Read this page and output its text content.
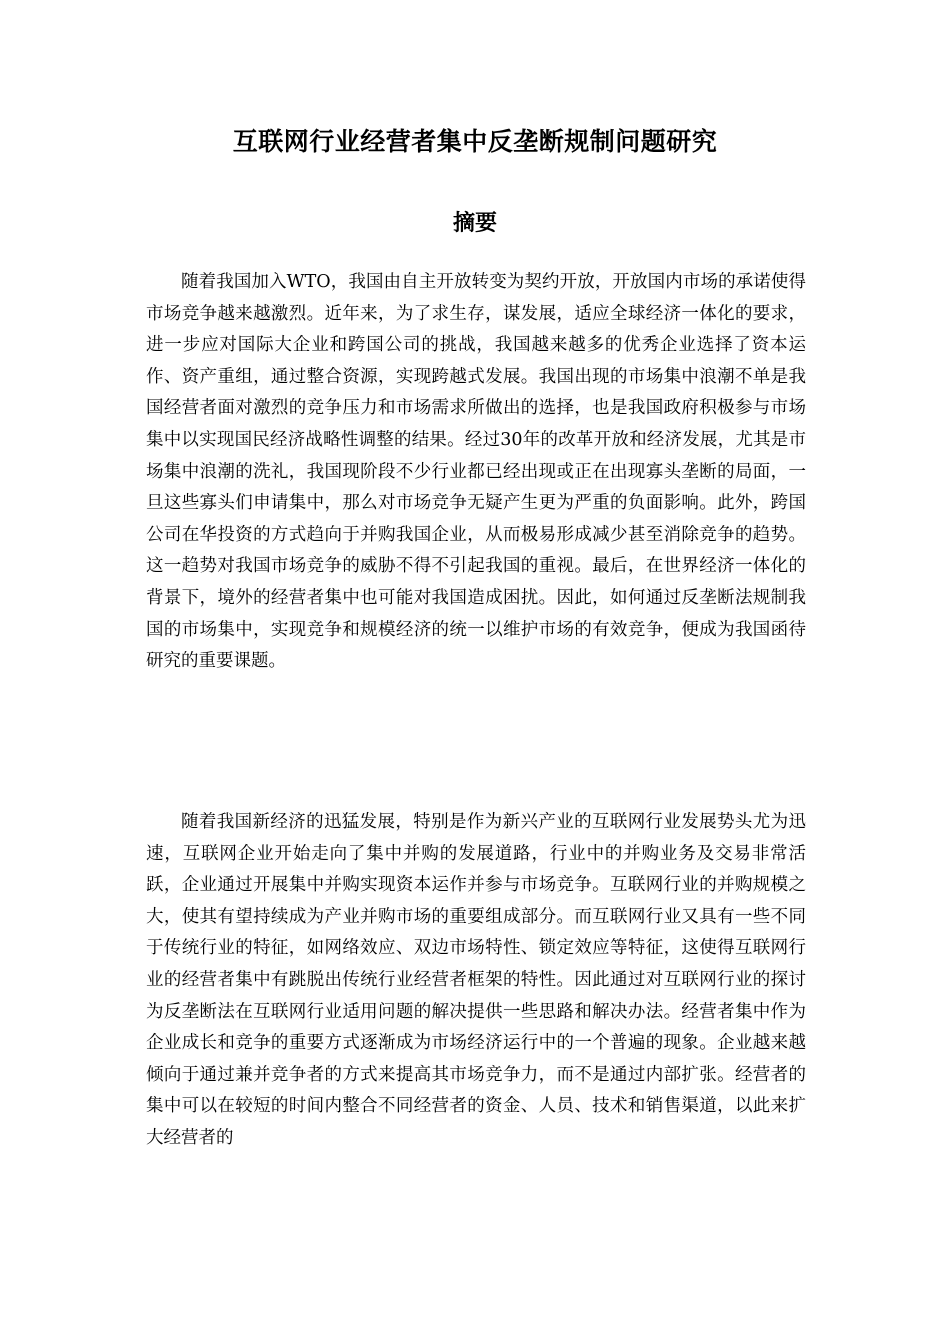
互联网行业经营者集中反垄断规制问题研究
摘要

随着我国加入WTO，我国由自主开放转变为契约开放，开放国内市场的承诺使得市场竞争越来越激烈。近年来，为了求生存，谋发展，适应全球经济一体化的要求，进一步应对国际大企业和跨国公司的挑战，我国越来越多的优秀企业选择了资本运作、资产重组，通过整合资源，实现跨越式发展。我国出现的市场集中浪潮不单是我国经营者面对激烈的竞争压力和市场需求所做出的选择，也是我国政府积极参与市场集中以实现国民经济战略性调整的结果。经过30年的改革开放和经济发展，尤其是市场集中浪潮的洗礼，我国现阶段不少行业都已经出现或正在出现寡头垄断的局面，一旦这些寡头们申请集中，那么对市场竞争无疑产生更为严重的负面影响。此外，跨国公司在华投资的方式趋向于并购我国企业，从而极易形成减少甚至消除竞争的趋势。这一趋势对我国市场竞争的威胁不得不引起我国的重视。最后，在世界经济一体化的背景下，境外的经营者集中也可能对我国造成困扰。因此，如何通过反垄断法规制我国的市场集中，实现竞争和规模经济的统一以维护市场的有效竞争，便成为我国函待研究的重要课题。

随着我国新经济的迅猛发展，特别是作为新兴产业的互联网行业发展势头尤为迅速，互联网企业开始走向了集中并购的发展道路，行业中的并购业务及交易非常活跃，企业通过开展集中并购实现资本运作并参与市场竞争。互联网行业的并购规模之大，使其有望持续成为产业并购市场的重要组成部分。而互联网行业又具有一些不同于传统行业的特征，如网络效应、双边市场特性、锁定效应等特征，这使得互联网行业的经营者集中有跳脱出传统行业经营者框架的特性。因此通过对互联网行业的探讨为反垄断法在互联网行业适用问题的解决提供一些思路和解决办法。经营者集中作为企业成长和竞争的重要方式逐渐成为市场经济运行中的一个普遍的现象。企业越来越倾向于通过兼并竞争者的方式来提高其市场竞争力，而不是通过内部扩张。经营者的集中可以在较短的时间内整合不同经营者的资金、人员、技术和销售渠道，以此来扩大经营者的
